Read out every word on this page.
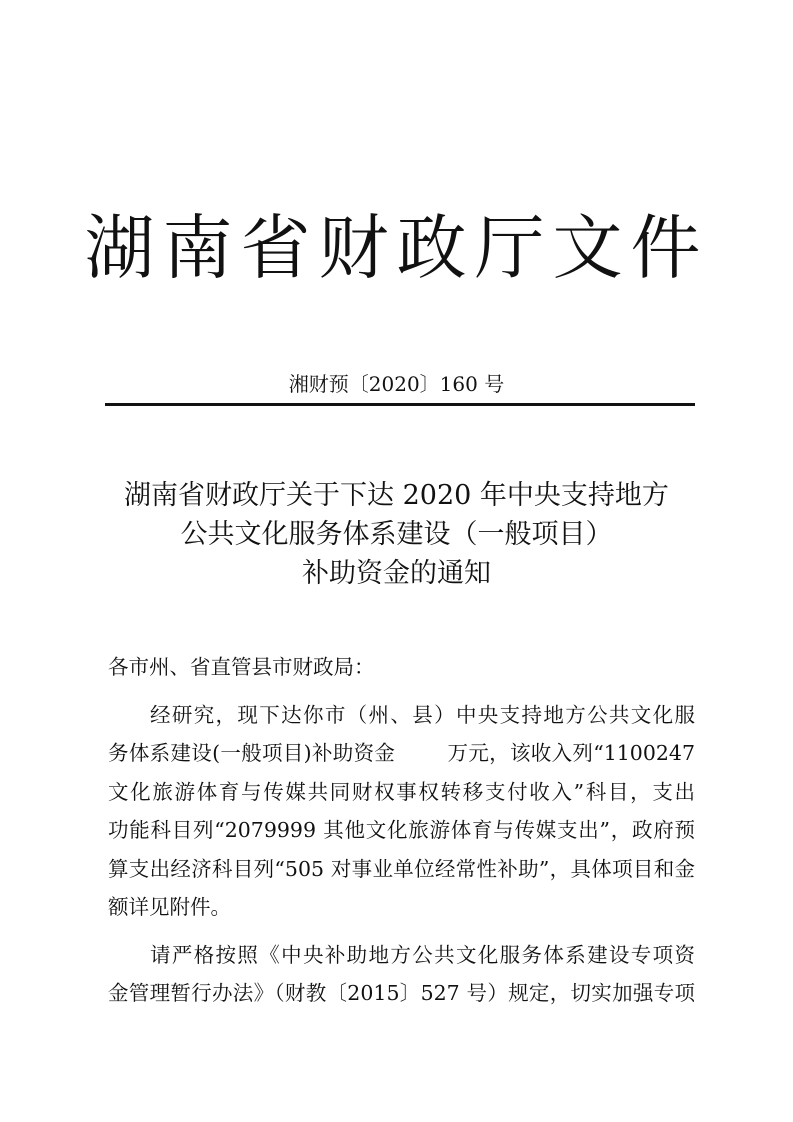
湖南省财政厅文件
湘财预〔2020〕160 号
湖南省财政厅关于下达 2020 年中央支持地方
公共文化服务体系建设（一般项目）
补助资金的通知
各市州、省直管县市财政局：
经研究，现下达你市（州、县）中央支持地方公共文化服
务体系建设(一般项目)补助资金	万元，该收入列“1100247
文化旅游体育与传媒共同财权事权转移支付收入”科目，支出
功能科目列“2079999 其他文化旅游体育与传媒支出”，政府预
算支出经济科目列“505 对事业单位经常性补助”，具体项目和金
额详见附件。
请严格按照《中央补助地方公共文化服务体系建设专项资
金管理暂行办法》（财教〔2015〕527 号）规定，切实加强专项
